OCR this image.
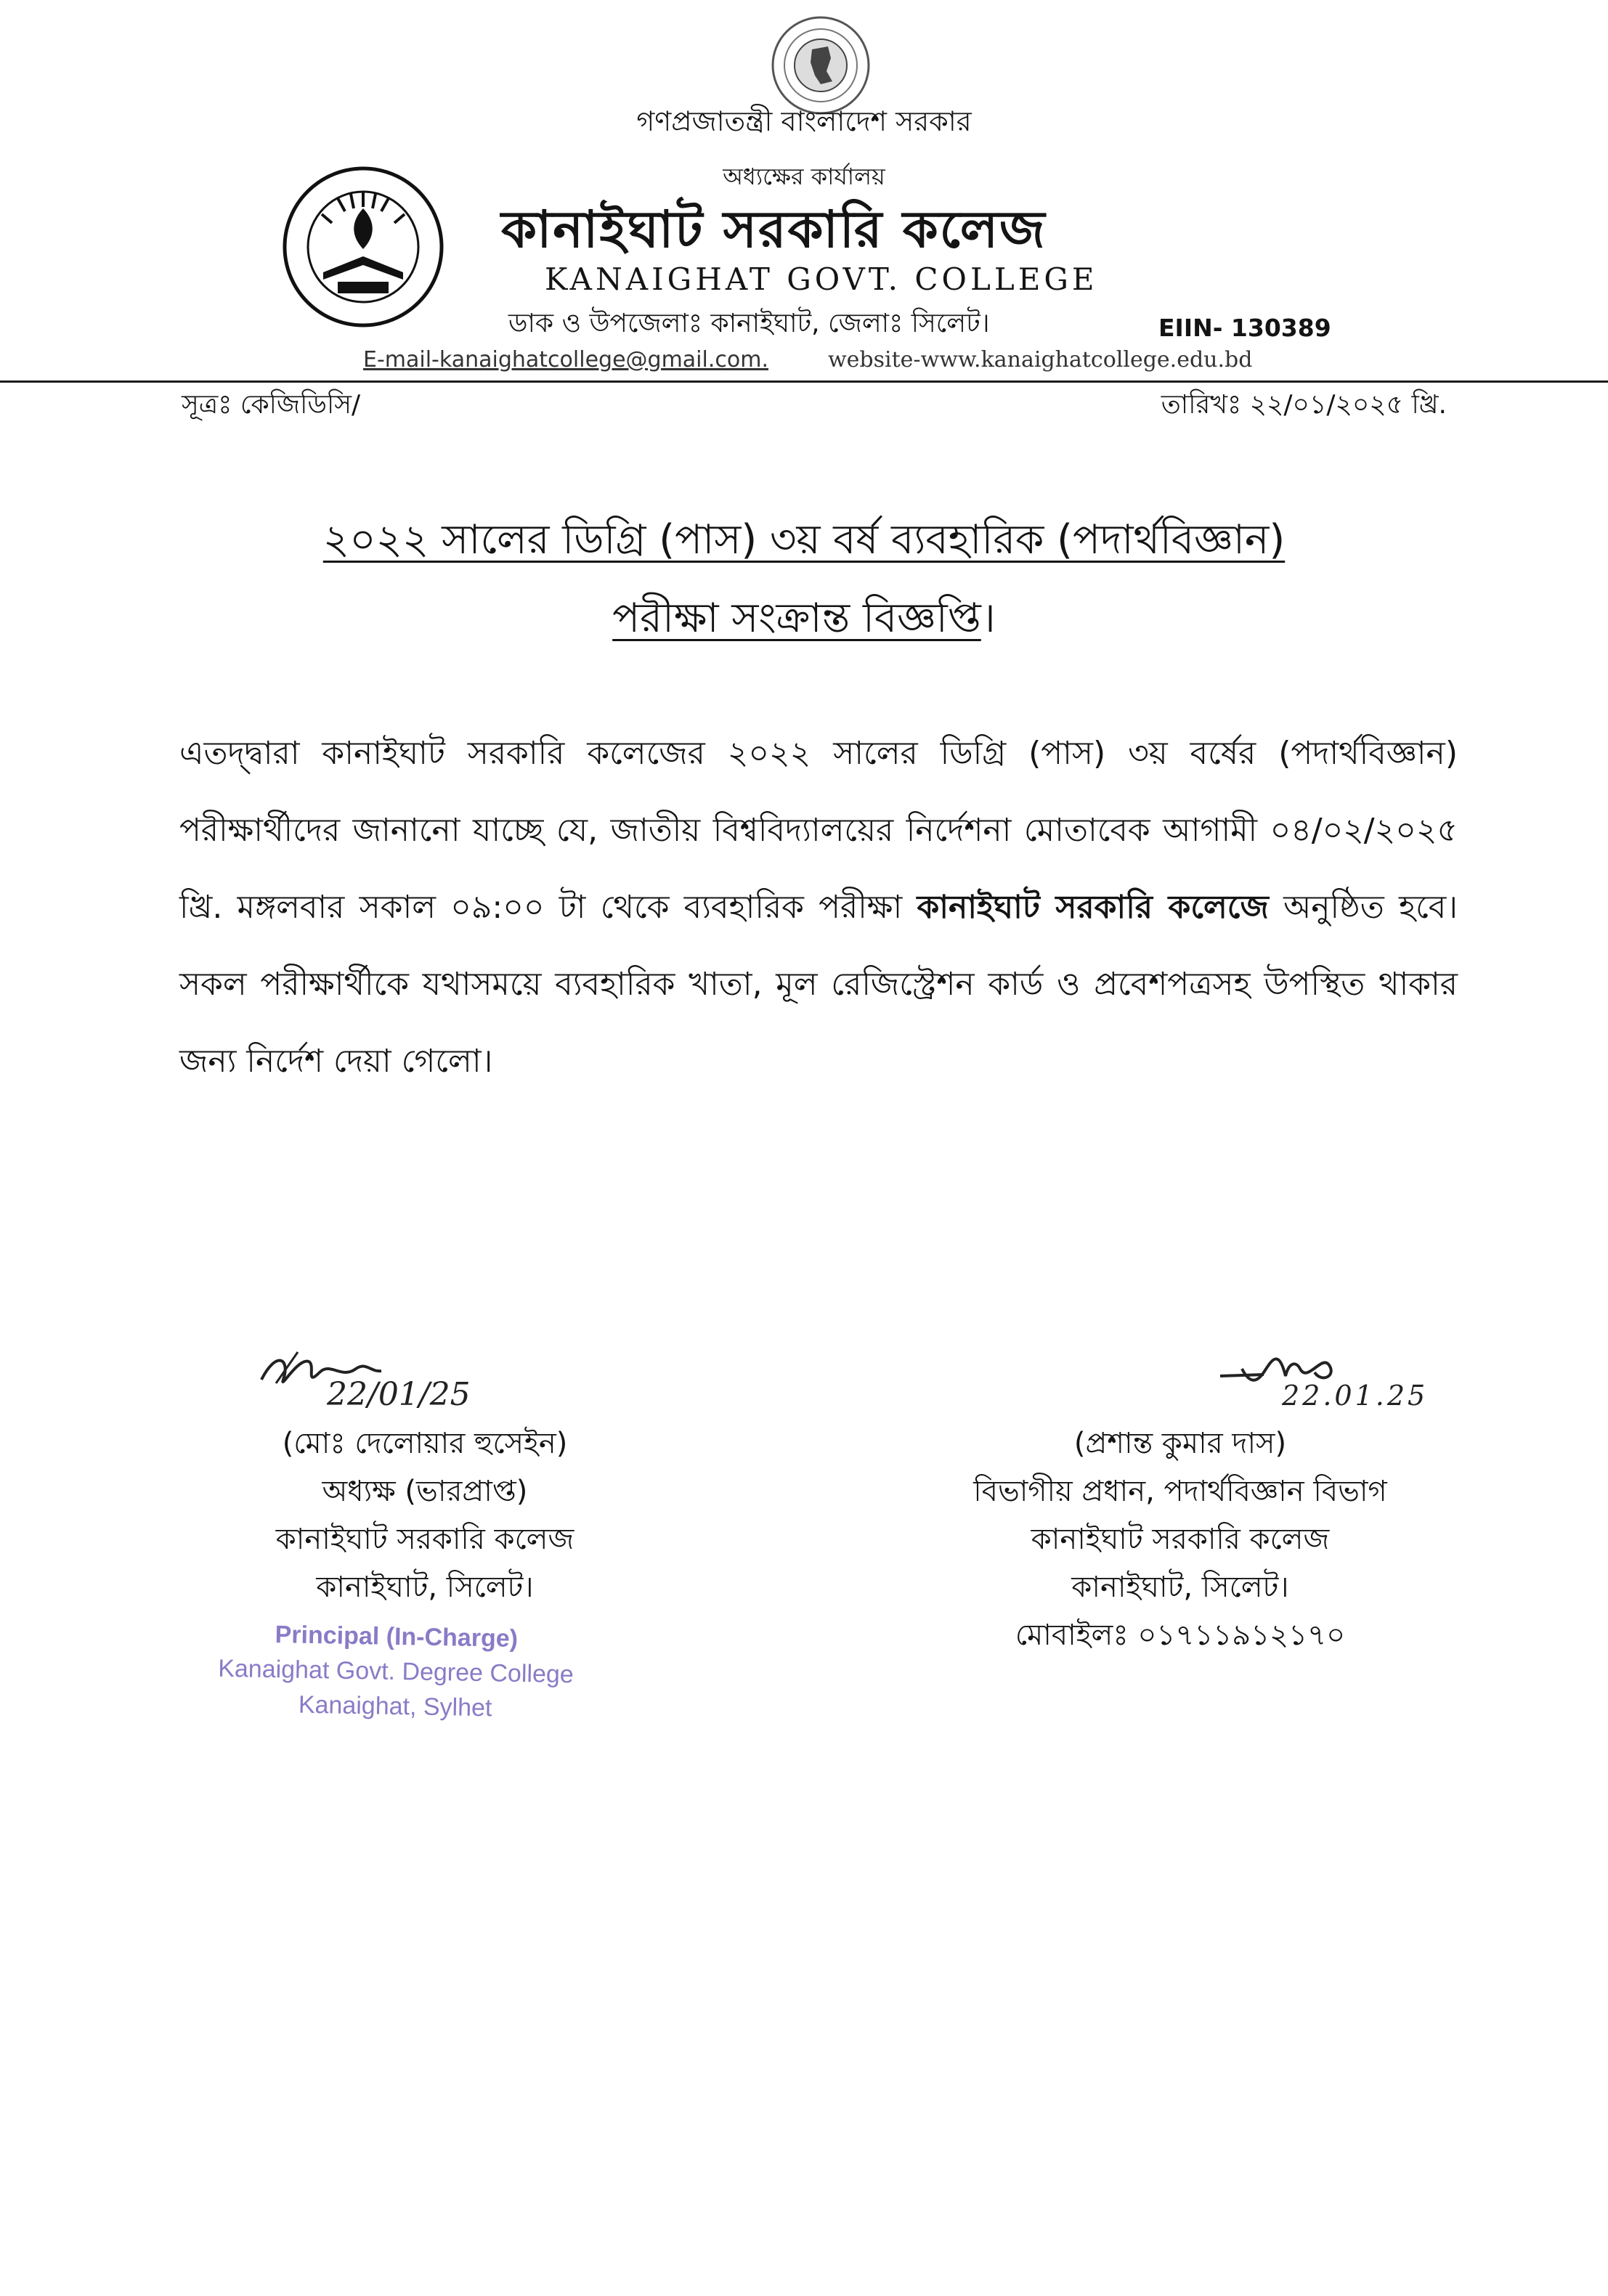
গণপ্রজাতন্ত্রী বাংলাদেশ সরকার
অধ্যক্ষের কার্যালয়
১৯৮৬ইং
কানাইঘাট সরকারি কলেজ
KANAIGHAT GOVT. COLLEGE
ডাক ও উপজেলাঃ কানাইঘাট, জেলাঃ সিলেট।	EIIN- 130389
E-mail-kanaighatcollege@gmail.com.	website-www.kanaighatcollege.edu.bd
সূত্রঃ কেজিডিসি/	তারিখঃ ২২/০১/২০২৫ খ্রি.
২০২২ সালের ডিগ্রি (পাস) ৩য় বর্ষ ব্যবহারিক (পদার্থবিজ্ঞান)
পরীক্ষা সংক্রান্ত বিজ্ঞপ্তি।
এতদ্‌দ্বারা কানাইঘাট সরকারি কলেজের ২০২২ সালের ডিগ্রি (পাস) ৩য় বর্ষের (পদার্থবিজ্ঞান) পরীক্ষার্থীদের জানানো যাচ্ছে যে, জাতীয় বিশ্ববিদ্যালয়ের নির্দেশনা মোতাবেক আগামী ০৪/০২/২০২৫ খ্রি. মঙ্গলবার সকাল ০৯:০০ টা থেকে ব্যবহারিক পরীক্ষা কানাইঘাট সরকারি কলেজে অনুষ্ঠিত হবে। সকল পরীক্ষার্থীকে যথাসময়ে ব্যবহারিক খাতা, মূল রেজিস্ট্রেশন কার্ড ও প্রবেশপত্রসহ উপস্থিত থাকার জন্য নির্দেশ দেয়া গেলো।
22/01/25
(মোঃ দেলোয়ার হুসেইন)
অধ্যক্ষ (ভারপ্রাপ্ত)
কানাইঘাট সরকারি কলেজ
কানাইঘাট, সিলেট।
Principal (In-Charge)
Kanaighat Govt. Degree College
Kanaighat, Sylhet
22.01.25
(প্রশান্ত কুমার দাস)
বিভাগীয় প্রধান, পদার্থবিজ্ঞান বিভাগ
কানাইঘাট সরকারি কলেজ
কানাইঘাট, সিলেট।
মোবাইলঃ ০১৭১১৯১২১৭০
